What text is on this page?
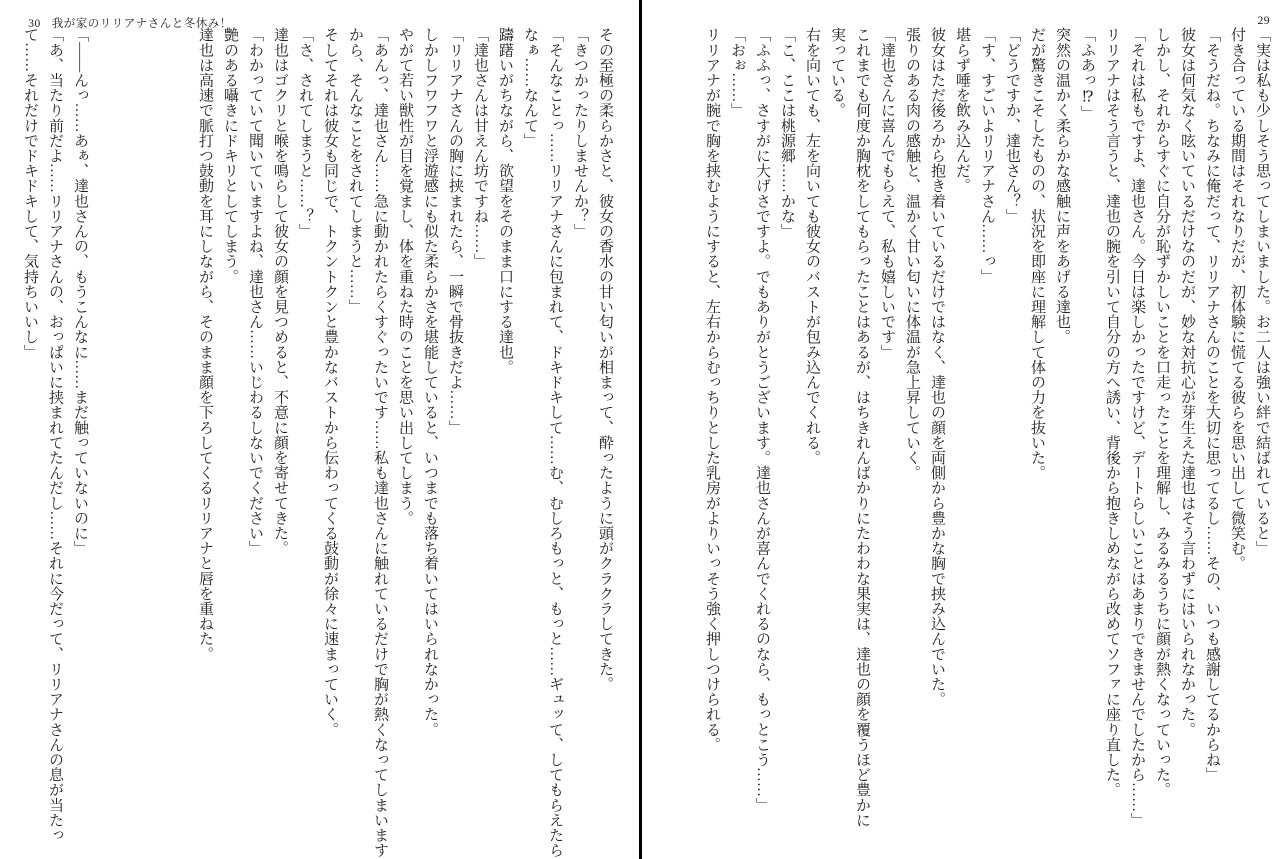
30 我が家のリリアナさんと冬休み！

その至極の柔らかさと、彼女の香水の甘い匂いが相まって、酔ったように頭がクラクラしてきた。

「きつかったりしませんか？」

「そんなことっ……リリアナさんに包まれて、ドキドキして……む、むしろもっと、もっと……ギュッて、してもらえたら

なぁ……なんて」

躊躇いがちながら、欲望をそのまま口にする達也。

「達也さんは甘えん坊ですね……」

「リリアナさんの胸に挟まれたら、一瞬で骨抜きだよ……」

しかしフワフワと浮遊感にも似た柔らかさを堪能していると、いつまでも落ち着いてはいられなかった。

やがて若い獣性が目を覚まし、体を重ねた時のことを思い出してしまう。

「あんっ、達也さん……急に動かれたらくすぐったいです……私も達也さんに触れているだけで胸が熱くなってしまいます

から、そんなことをされてしまうと……」

そしてそれは彼女も同じで、トクントクンと豊かなバストから伝わってくる鼓動が徐々に速まっていく。

「さ、されてしまうと……？」

達也はゴクリと喉を鳴らして彼女の顔を見つめると、不意に顔を寄せてきた。

「わかっていて聞いていますよね、達也さん……いじわるしないでください」

艶のある囁きにドキリとしてしまう。

達也は高速で脈打つ鼓動を耳にしながら、そのまま顔を下ろしてくるリリアナと唇を重ねた。

「――んっ……あぁ、達也さんの、もうこんなに……まだ触っていないのに」

「あ、当たり前だよ……リリアナさんの、おっぱいに挟まれてたんだし……それに今だって、リリアナさんの息が当たっ

て……それだけでドキドキして、気持ちいいし」

29

「実は私も少しそう思ってしまいました。お二人は強い絆で結ばれていると」

付き合っている期間はそれなりだが、初体験に慌てる彼らを思い出して微笑む。

「そうだね。ちなみに俺だって、リリアナさんのことを大切に思ってるし……その、いつも感謝してるからね」

彼女は何気なく呟いているだけなのだが、妙な対抗心が芽生えた達也はそう言わずにはいられなかった。

しかし、それからすぐに自分が恥ずかしいことを口走ったことを理解し、みるみるうちに顔が熱くなっていった。

「それは私もですよ、達也さん。今日は楽しかったですけど、デートらしいことはあまりできませんでしたから……」

リリアナはそう言うと、達也の腕を引いて自分の方へ誘い、背後から抱きしめながら改めてソファに座り直した。

「ふあっ⁉」

突然の温かく柔らかな感触に声をあげる達也。

だが驚きこそしたものの、状況を即座に理解して体の力を抜いた。

「どうですか、達也さん？」

「す、すごいよリリアナさん……っ」

堪らず唾を飲み込んだ。

彼女はただ後ろから抱き着いているだけではなく、達也の顔を両側から豊かな胸で挟み込んでいた。

張りのある肉の感触と、温かく甘い匂いに体温が急上昇していく。

「達也さんに喜んでもらえて、私も嬉しいです」

これまでも何度か胸枕をしてもらったことはあるが、はちきれんばかりにたわわな果実は、達也の顔を覆うほど豊かに

実っている。

右を向いても、左を向いても彼女のバストが包み込んでくれる。

「こ、ここは桃源郷……かな」

「ふふっ、さすがに大げさですよ。でもありがとうございます。達也さんが喜んでくれるのなら、もっとこう……」

「おぉ……」

リリアナが腕で胸を挟むようにすると、左右からむっちりとした乳房がよりいっそう強く押しつけられる。
